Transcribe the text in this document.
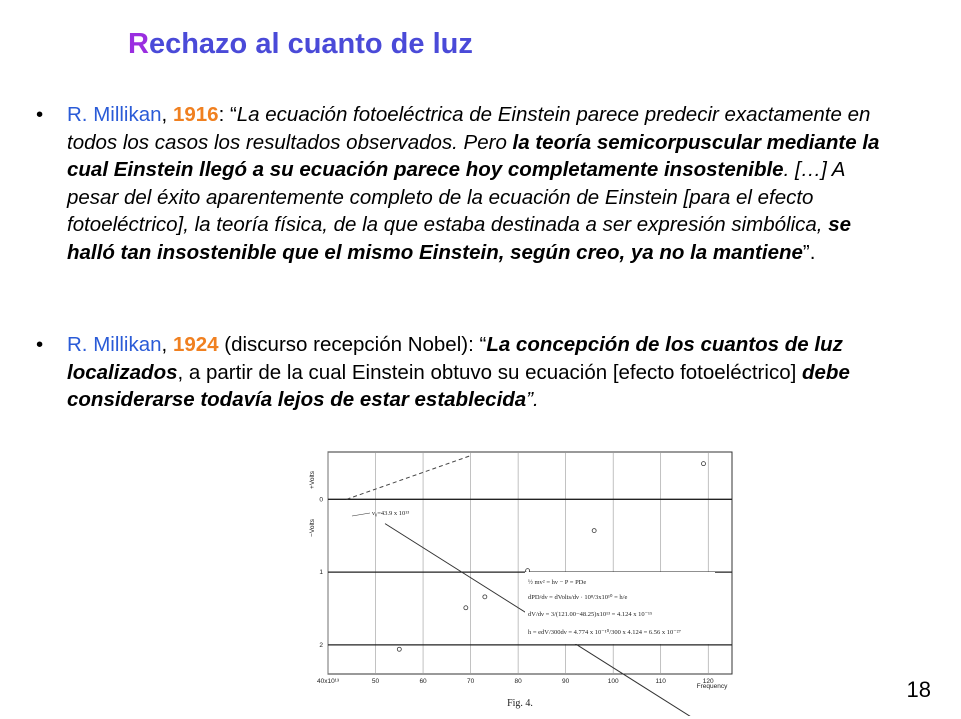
Rechazo al cuanto de luz
• R. Millikan, 1916: “La ecuación fotoeléctrica de Einstein parece predecir exactamente en todos los casos los resultados observados. Pero la teoría semicorpuscular mediante la cual Einstein llegó a su ecuación parece hoy completamente insostenible. […] A pesar del éxito aparentemente completo de la ecuación de Einstein [para el efecto fotoeléctrico], la teoría física, de la que estaba destinada a ser expresión simbólica, se halló tan insostenible que el mismo Einstein, según creo, ya no la mantiene”.
• R. Millikan, 1924 (discurso recepción Nobel): “La concepción de los cuantos de luz localizados, a partir de la cual Einstein obtuvo su ecuación [efecto fotoeléctrico] debe considerarse todavía lejos de estar establecida”.
40x10¹³	50	60	70	80	90	100	110	120
0
1
2
+Volts
−Volts
ν₀=43.9 x 10¹³
½ mv² = hν − P = PDe
dPD/dν = dVolts/dν · 10⁸/3x10¹⁰ = h/e
dV/dν = 3/(121.00−48.25)x10¹³ = 4.124 x 10⁻¹⁵
h = edV/300dν = 4.774 x 10⁻¹⁰/300 x 4.124 = 6.56 x 10⁻²⁷
Frequency
Fig. 4.
18
